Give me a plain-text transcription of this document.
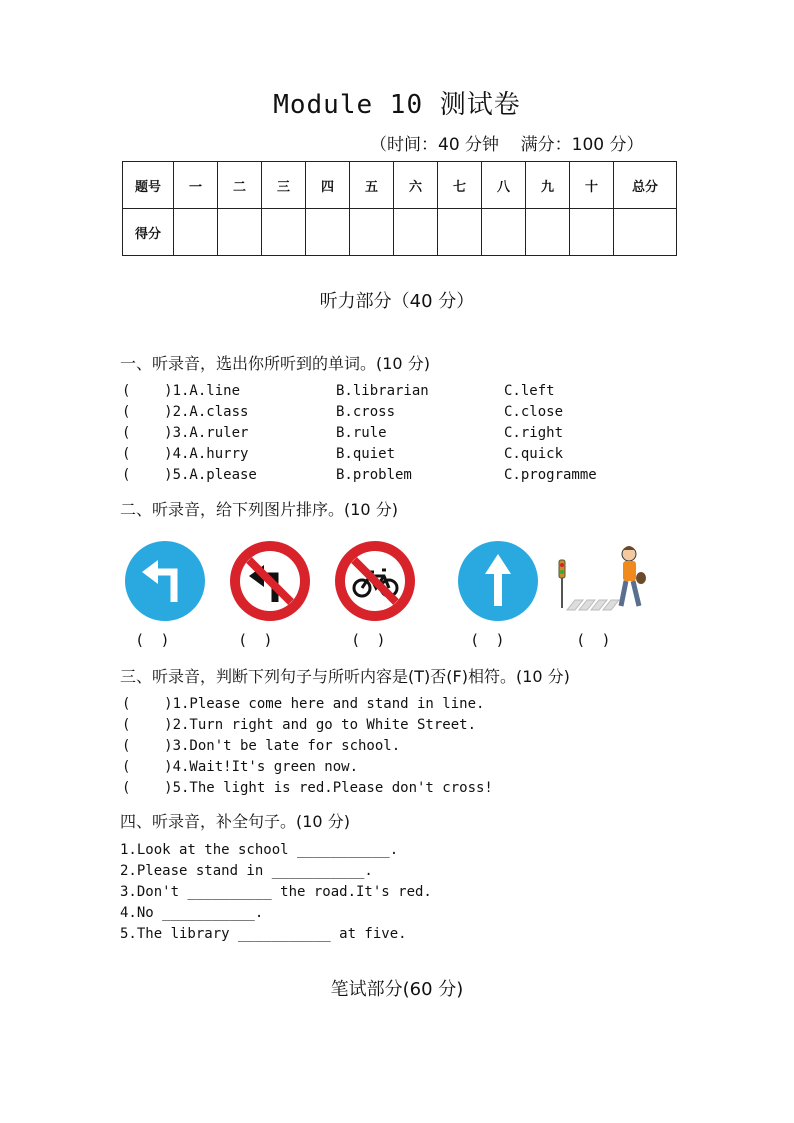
Module 10 测试卷
（时间：40 分钟    满分：100 分）
题号	一	二	三	四	五	六	七	八	九	十	总分
得分											
听力部分（40 分）
一、听录音，选出你所听到的单词。(10 分)
(    )1.A.line	B.librarian	C.left
(    )2.A.class	B.cross	C.close
(    )3.A.ruler	B.rule	C.right
(    )4.A.hurry	B.quiet	C.quick
(    )5.A.please	B.problem	C.programme
二、听录音，给下列图片排序。(10 分)
(    )	(    )	(    )	(    )	(    )
三、听录音，判断下列句子与所听内容是(T)否(F)相符。(10 分)
(    )1.Please come here and stand in line.
(    )2.Turn right and go to White Street.
(    )3.Don't be late for school.
(    )4.Wait!It's green now.
(    )5.The light is red.Please don't cross!
四、听录音，补全句子。(10 分)
1.Look at the school ___________.
2.Please stand in ___________.
3.Don't __________ the road.It's red.
4.No ___________.
5.The library ___________ at five.
笔试部分(60 分)
